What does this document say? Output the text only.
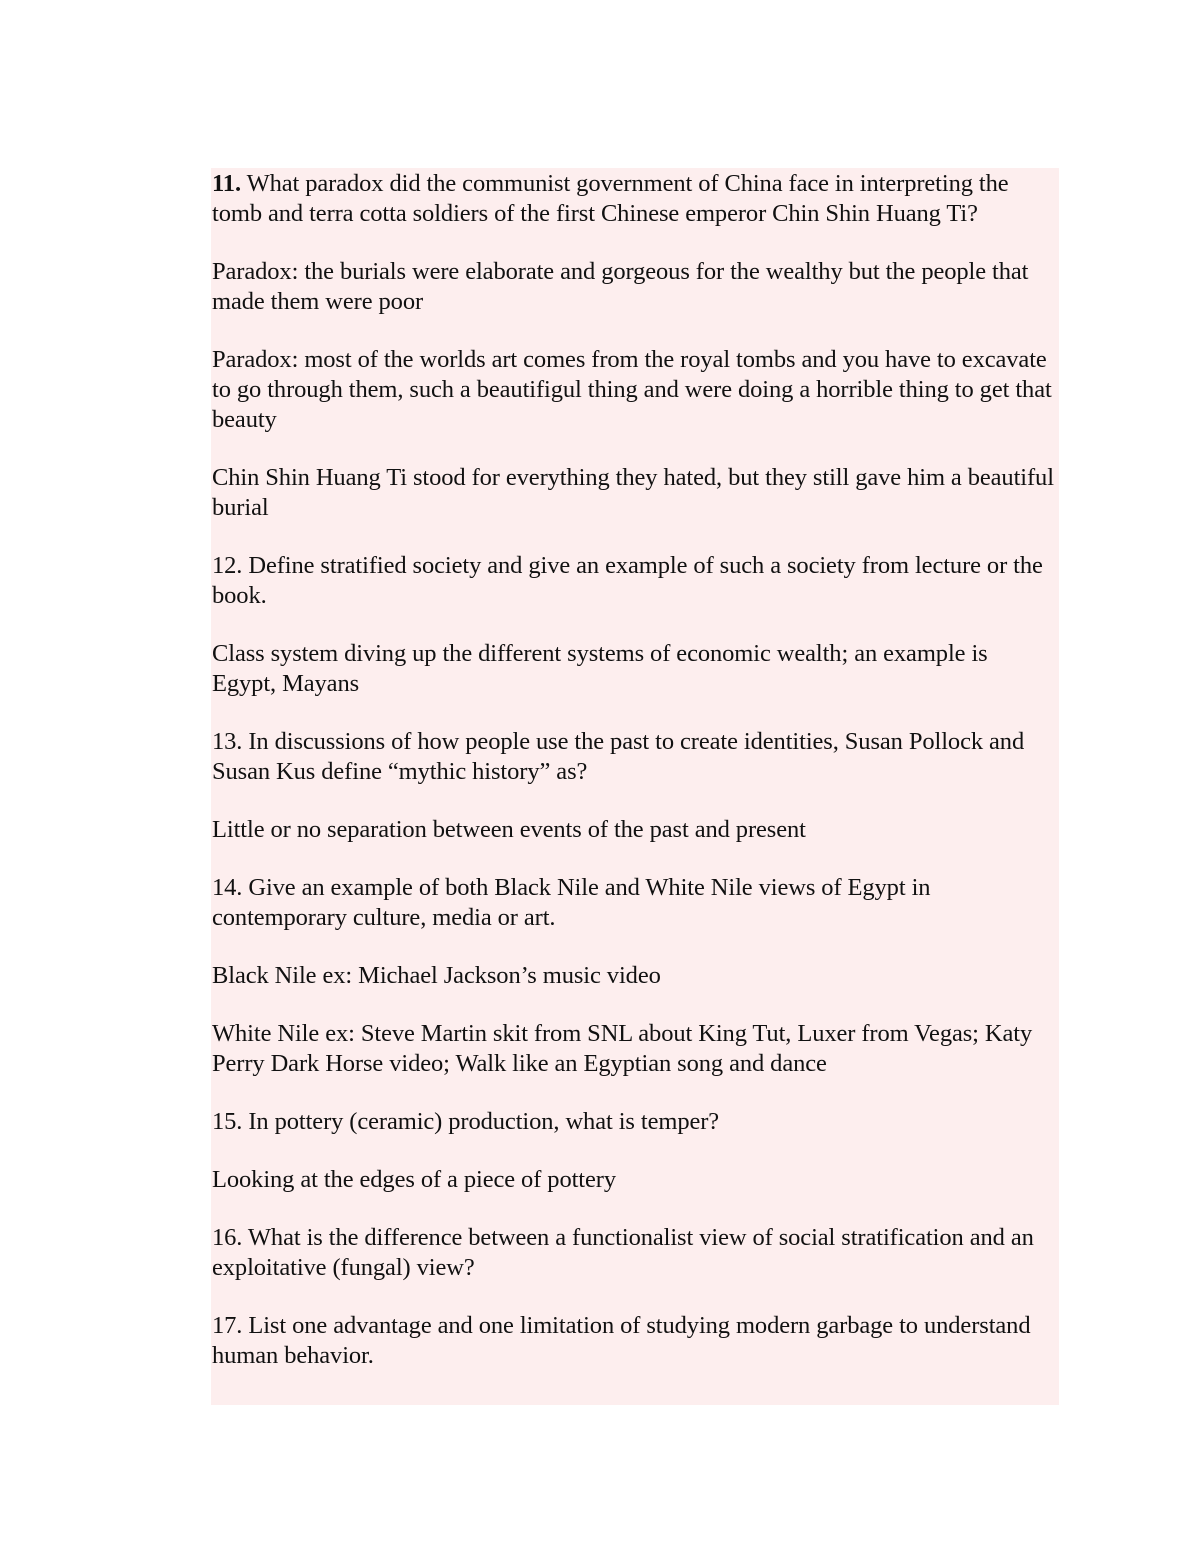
11. What paradox did the communist government of China face in interpreting the tomb and terra cotta soldiers of the first Chinese emperor Chin Shin Huang Ti?

Paradox: the burials were elaborate and gorgeous for the wealthy but the people that made them were poor

Paradox: most of the worlds art comes from the royal tombs and you have to excavate to go through them, such a beautifigul thing and were doing a horrible thing to get that beauty

Chin Shin Huang Ti stood for everything they hated, but they still gave him a beautiful burial

12. Define stratified society and give an example of such a society from lecture or the book.

Class system diving up the different systems of economic wealth; an example is Egypt, Mayans

13. In discussions of how people use the past to create identities, Susan Pollock and Susan Kus define “mythic history” as?

Little or no separation between events of the past and present

14. Give an example of both Black Nile and White Nile views of Egypt in contemporary culture, media or art.

Black Nile ex: Michael Jackson’s music video

White Nile ex: Steve Martin skit from SNL about King Tut, Luxer from Vegas; Katy Perry Dark Horse video; Walk like an Egyptian song and dance

15. In pottery (ceramic) production, what is temper?

Looking at the edges of a piece of pottery

16. What is the difference between a functionalist view of social stratification and an exploitative (fungal) view?

17. List one advantage and one limitation of studying modern garbage to understand human behavior.
